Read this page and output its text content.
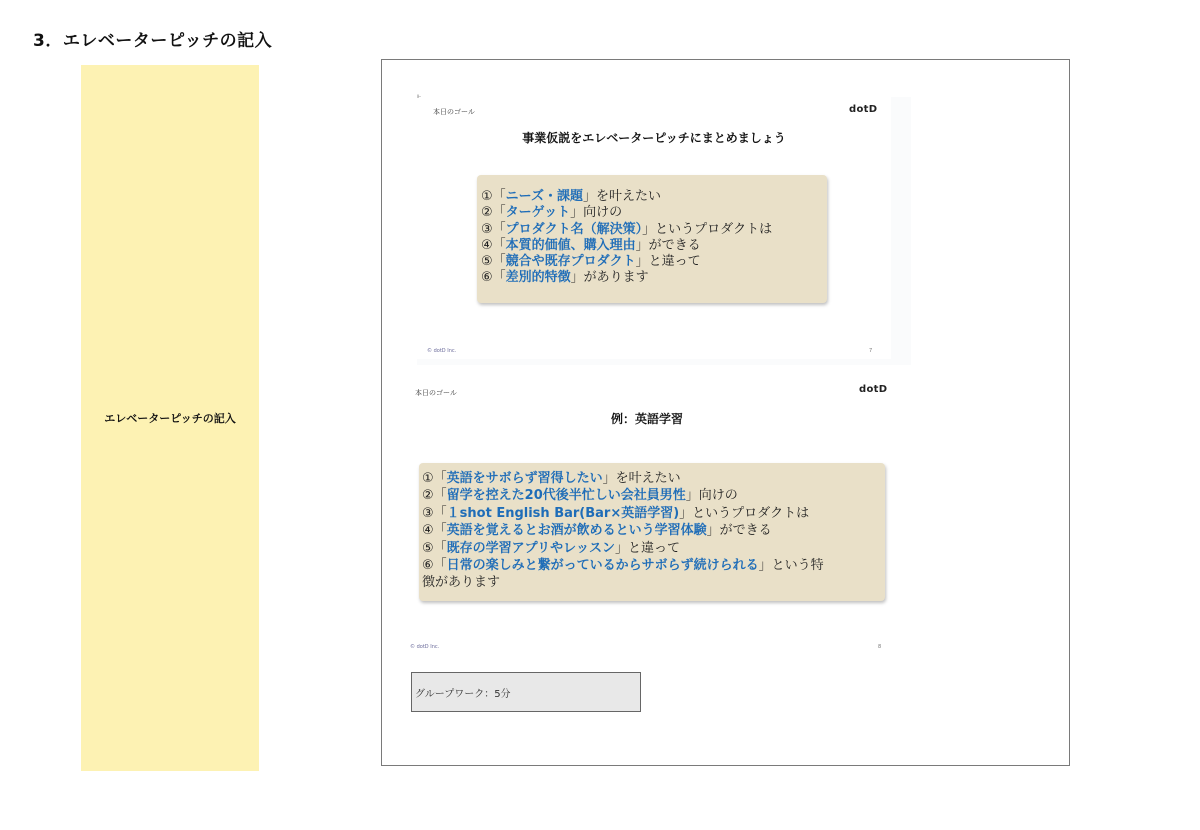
3．エレベーターピッチの記入
エレベーターピッチの記入
⊩
本日のゴール	dotD
事業仮説をエレベーターピッチにまとめましょう
①「ニーズ・課題」を叶えたい
②「ターゲット」向けの
③「プロダクト名（解決策）」というプロダクトは
④「本質的価値、購入理由」ができる
⑤「競合や既存プロダクト」と違って
⑥「差別的特徴」があります
© dotD Inc.	7
本日のゴール	dotD
例：英語学習
①「英語をサボらず習得したい」を叶えたい
②「留学を控えた20代後半忙しい会社員男性」向けの
③「１shot English Bar(Bar×英語学習)」というプロダクトは
④「英語を覚えるとお酒が飲めるという学習体験」ができる
⑤「既存の学習アプリやレッスン」と違って
⑥「日常の楽しみと繋がっているからサボらず続けられる」という特
徴があります
© dotD Inc.	8
グループワーク：5分
